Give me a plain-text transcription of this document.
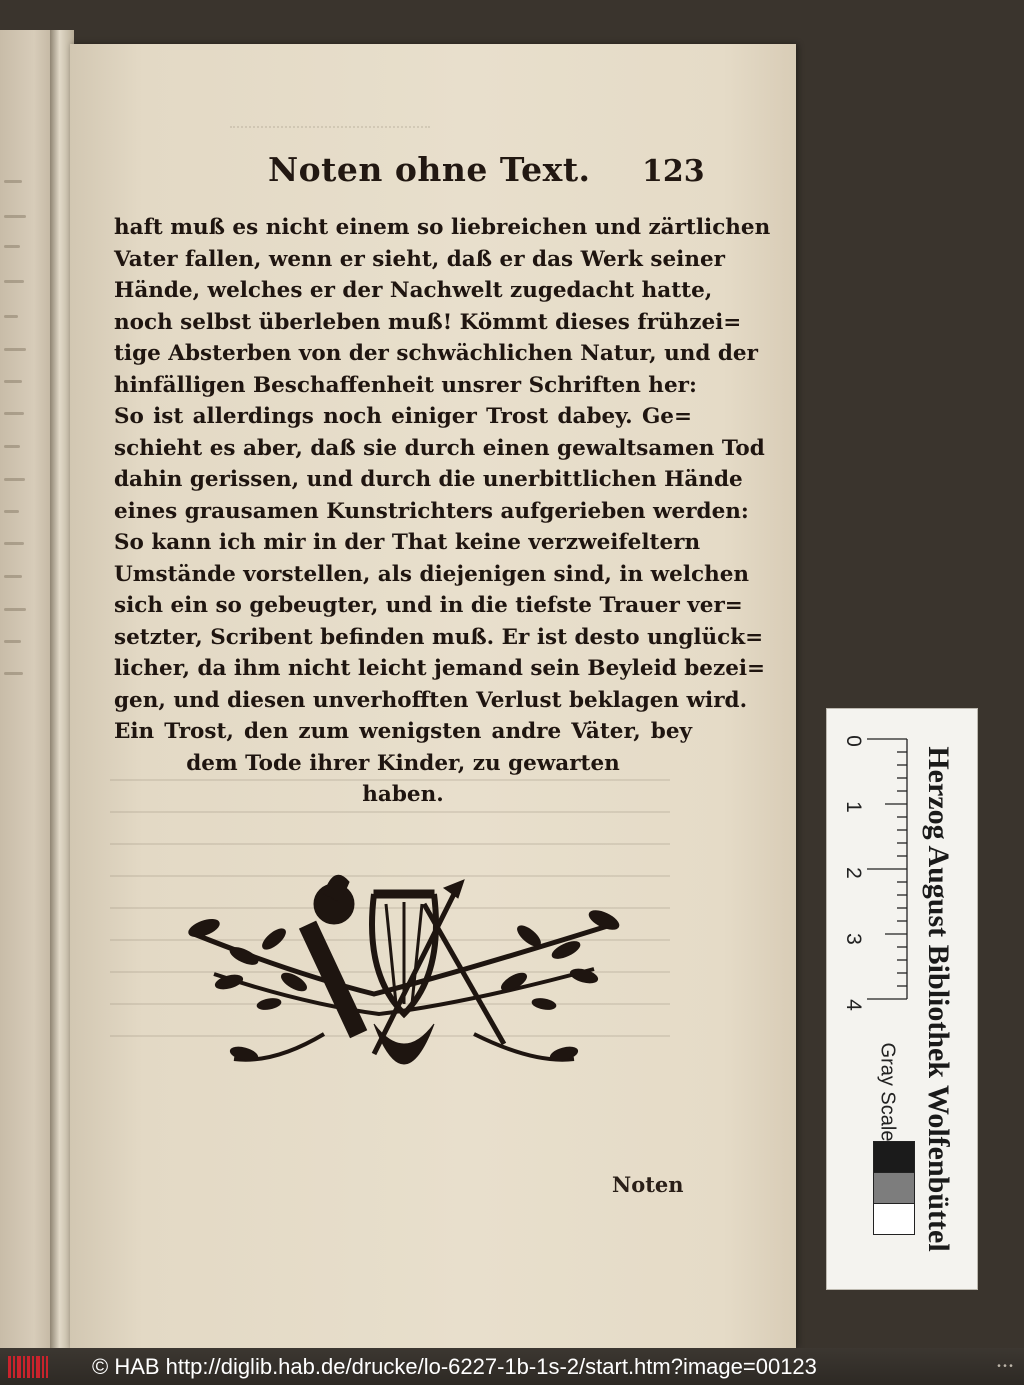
Noten ohne Text. 123
haft muß es nicht einem so liebreichen und zärtlichen
Vater fallen, wenn er sieht, daß er das Werk seiner
Hände, welches er der Nachwelt zugedacht hatte,
noch selbst überleben muß! Kömmt dieses frühzei=
tige Absterben von der schwächlichen Natur, und der
hinfälligen Beschaffenheit unsrer Schriften her:
So ist allerdings noch einiger Trost dabey. Ge=
schieht es aber, daß sie durch einen gewaltsamen Tod
dahin gerissen, und durch die unerbittlichen Hände
eines grausamen Kunstrichters aufgerieben werden:
So kann ich mir in der That keine verzweifeltern
Umstände vorstellen, als diejenigen sind, in welchen
sich ein so gebeugter, und in die tiefste Trauer ver=
setzter, Scribent befinden muß. Er ist desto unglück=
licher, da ihm nicht leicht jemand sein Beyleid bezei=
gen, und diesen unverhofften Verlust beklagen wird.
Ein Trost, den zum wenigsten andre Väter, bey
dem Tode ihrer Kinder, zu gewarten
haben.
Noten
0
1
2
3
4 Herzog August Bibliothek Wolfenbüttel
Gray Scale
© HAB http://diglib.hab.de/drucke/lo-6227-1b-1s-2/start.htm?image=00123	•••
